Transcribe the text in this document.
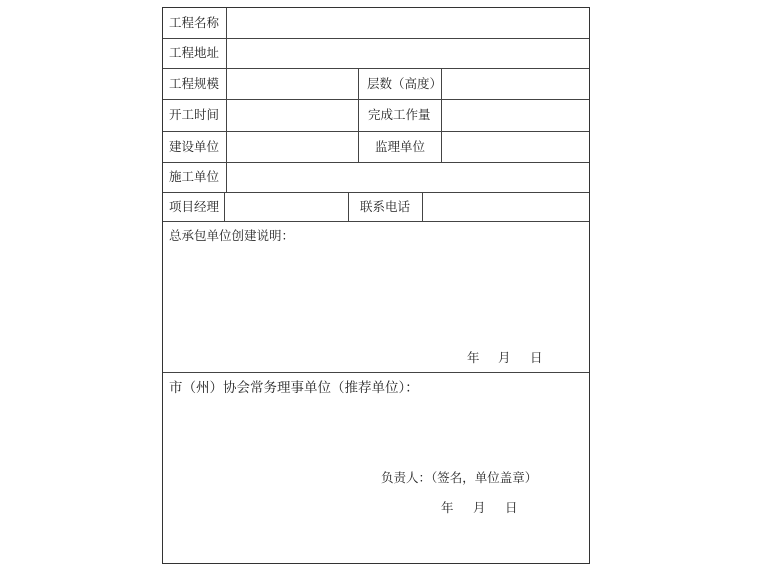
工程名称
工程地址
工程规模	层数（高度）
开工时间	完成工作量
建设单位	监理单位
施工单位
项目经理	联系电话
总承包单位创建说明：
年 月 日
市（州）协会常务理事单位（推荐单位）：
负责人：（签名，单位盖章）
年 月 日
